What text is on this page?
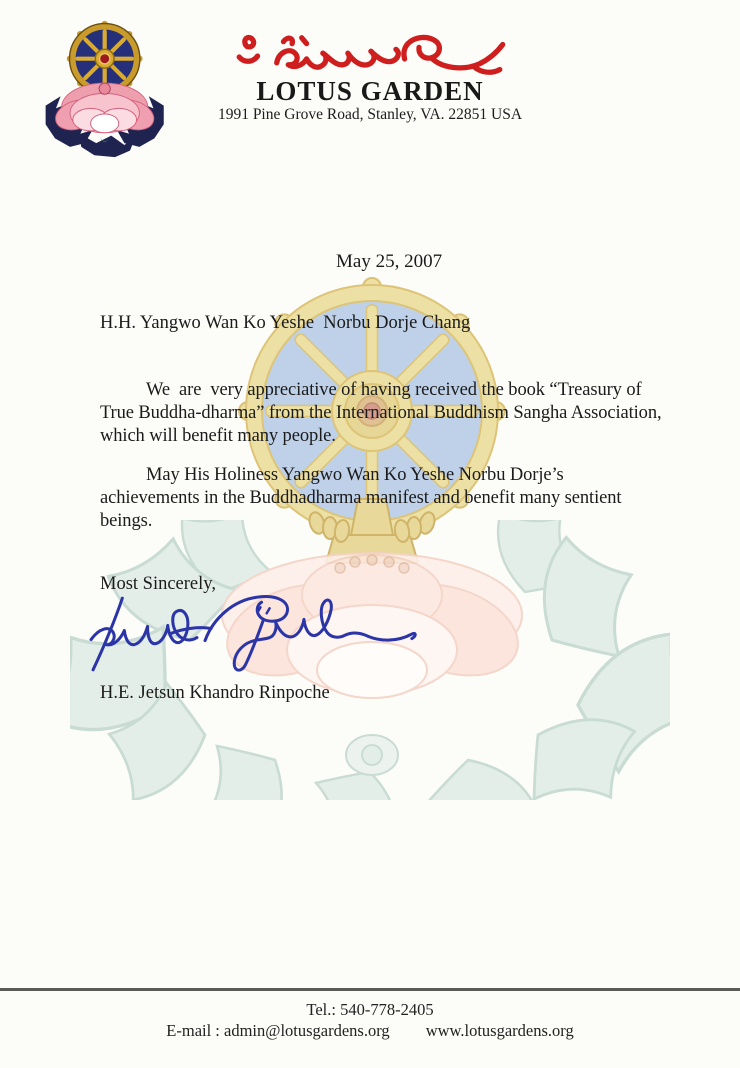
LOTUS GARDEN
1991 Pine Grove Road, Stanley, VA. 22851 USA
May 25, 2007
H.H. Yangwo Wan Ko Yeshe  Norbu Dorje Chang
We  are  very appreciative of having received the book “Treasury of
True Buddha-dharma” from the International Buddhism Sangha Association,
which will benefit many people.
May His Holiness Yangwo Wan Ko Yeshe Norbu Dorje’s
achievements in the Buddhadharma manifest and benefit many sentient
beings.
Most Sincerely,
H.E. Jetsun Khandro Rinpoche
Tel.: 540-778-2405
E-mail : admin@lotusgardens.org www.lotusgardens.org
